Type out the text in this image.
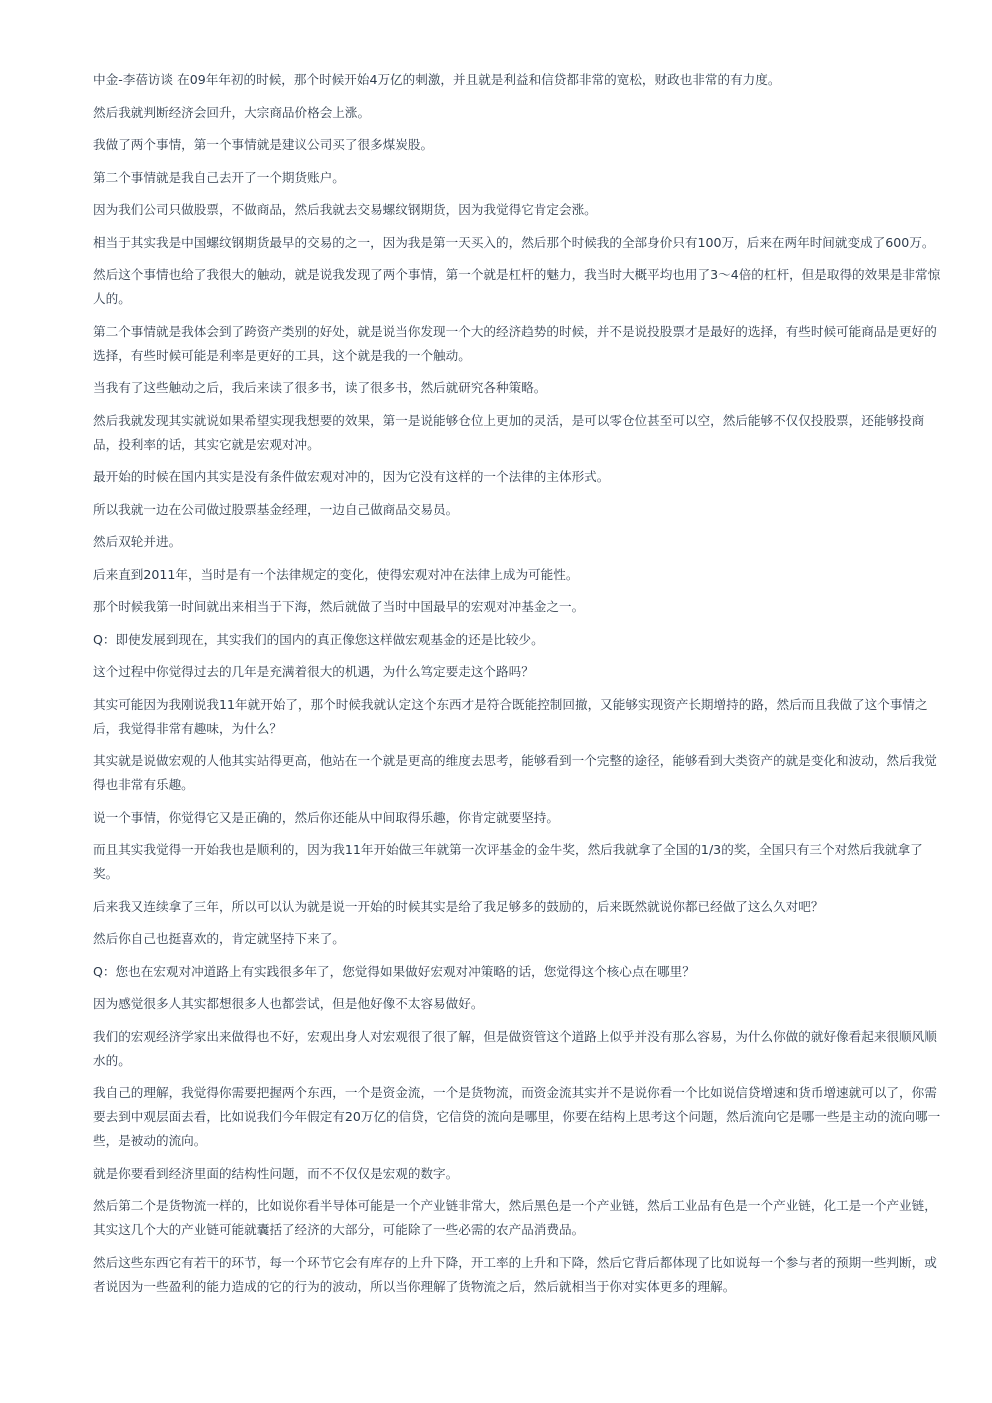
中金-李蓓访谈 在09年年初的时候，那个时候开始4万亿的刺激，并且就是利益和信贷都非常的宽松，财政也非常的有力度。

然后我就判断经济会回升，大宗商品价格会上涨。

我做了两个事情，第一个事情就是建议公司买了很多煤炭股。

第二个事情就是我自己去开了一个期货账户。

因为我们公司只做股票，不做商品，然后我就去交易螺纹钢期货，因为我觉得它肯定会涨。

相当于其实我是中国螺纹钢期货最早的交易的之一，因为我是第一天买入的，然后那个时候我的全部身价只有100万，后来在两年时间就变成了600万。

然后这个事情也给了我很大的触动，就是说我发现了两个事情，第一个就是杠杆的魅力，我当时大概平均也用了3～4倍的杠杆，但是取得的效果是非常惊人的。

第二个事情就是我体会到了跨资产类别的好处，就是说当你发现一个大的经济趋势的时候，并不是说投股票才是最好的选择，有些时候可能商品是更好的选择，有些时候可能是利率是更好的工具，这个就是我的一个触动。

当我有了这些触动之后，我后来读了很多书，读了很多书，然后就研究各种策略。

然后我就发现其实就说如果希望实现我想要的效果，第一是说能够仓位上更加的灵活，是可以零仓位甚至可以空，然后能够不仅仅投股票，还能够投商品，投利率的话，其实它就是宏观对冲。

最开始的时候在国内其实是没有条件做宏观对冲的，因为它没有这样的一个法律的主体形式。

所以我就一边在公司做过股票基金经理，一边自己做商品交易员。

然后双轮并进。

后来直到2011年，当时是有一个法律规定的变化，使得宏观对冲在法律上成为可能性。

那个时候我第一时间就出来相当于下海，然后就做了当时中国最早的宏观对冲基金之一。

Q：即使发展到现在，其实我们的国内的真正像您这样做宏观基金的还是比较少。

这个过程中你觉得过去的几年是充满着很大的机遇，为什么笃定要走这个路吗？

其实可能因为我刚说我11年就开始了，那个时候我就认定这个东西才是符合既能控制回撤，又能够实现资产长期增持的路，然后而且我做了这个事情之后，我觉得非常有趣味，为什么？

其实就是说做宏观的人他其实站得更高，他站在一个就是更高的维度去思考，能够看到一个完整的途径，能够看到大类资产的就是变化和波动，然后我觉得也非常有乐趣。

说一个事情，你觉得它又是正确的，然后你还能从中间取得乐趣，你肯定就要坚持。

而且其实我觉得一开始我也是顺利的，因为我11年开始做三年就第一次评基金的金牛奖，然后我就拿了全国的1/3的奖，全国只有三个对然后我就拿了奖。

后来我又连续拿了三年，所以可以认为就是说一开始的时候其实是给了我足够多的鼓励的，后来既然就说你都已经做了这么久对吧？

然后你自己也挺喜欢的，肯定就坚持下来了。

Q：您也在宏观对冲道路上有实践很多年了，您觉得如果做好宏观对冲策略的话，您觉得这个核心点在哪里？

因为感觉很多人其实都想很多人也都尝试，但是他好像不太容易做好。

我们的宏观经济学家出来做得也不好，宏观出身人对宏观很了很了解，但是做资管这个道路上似乎并没有那么容易，为什么你做的就好像看起来很顺风顺水的。

我自己的理解，我觉得你需要把握两个东西，一个是资金流，一个是货物流，而资金流其实并不是说你看一个比如说信贷增速和货币增速就可以了，你需要去到中观层面去看，比如说我们今年假定有20万亿的信贷，它信贷的流向是哪里，你要在结构上思考这个问题，然后流向它是哪一些是主动的流向哪一些，是被动的流向。

就是你要看到经济里面的结构性问题，而不不仅仅是宏观的数字。

然后第二个是货物流一样的，比如说你看半导体可能是一个产业链非常大，然后黑色是一个产业链，然后工业品有色是一个产业链，化工是一个产业链，其实这几个大的产业链可能就囊括了经济的大部分，可能除了一些必需的农产品消费品。

然后这些东西它有若干的环节，每一个环节它会有库存的上升下降，开工率的上升和下降，然后它背后都体现了比如说每一个参与者的预期一些判断，或者说因为一些盈利的能力造成的它的行为的波动，所以当你理解了货物流之后，然后就相当于你对实体更多的理解。
